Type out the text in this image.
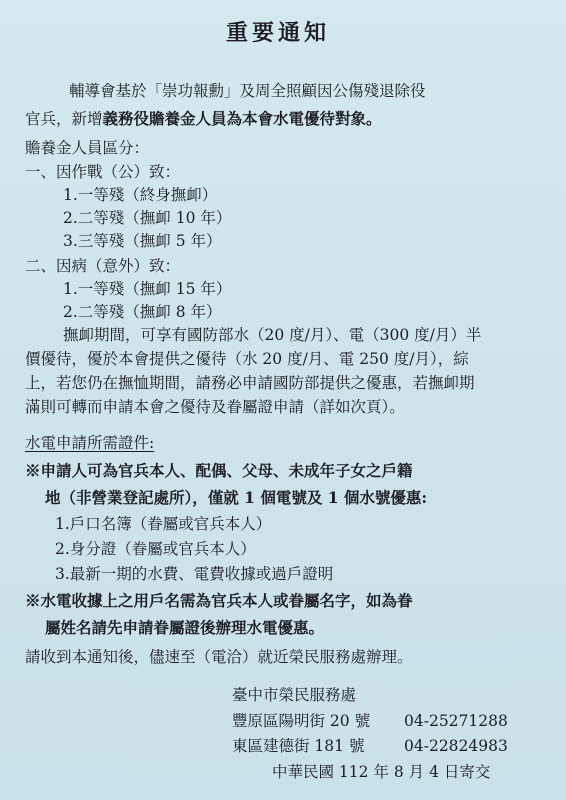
重要通知
輔導會基於「崇功報勳」及周全照顧因公傷殘退除役
官兵，新增義務役贍養金人員為本會水電優待對象。
贍養金人員區分：
一、因作戰（公）致：
1.一等殘（終身撫卹）
2.二等殘（撫卹 10 年）
3.三等殘（撫卹 5 年）
二、因病（意外）致：
1.一等殘（撫卹 15 年）
2.二等殘（撫卹 8 年）
撫卹期間，可享有國防部水（20 度/月）、電（300 度/月）半
價優待，優於本會提供之優待（水 20 度/月、電 250 度/月），綜
上，若您仍在撫恤期間，請務必申請國防部提供之優惠，若撫卹期
滿則可轉而申請本會之優待及眷屬證申請（詳如次頁）。
水電申請所需證件:
※申請人可為官兵本人、配偶、父母、未成年子女之戶籍
地（非營業登記處所），僅就 1 個電號及 1 個水號優惠:
1.戶口名簿（眷屬或官兵本人）
2.身分證（眷屬或官兵本人）
3.最新一期的水費、電費收據或過戶證明
※水電收據上之用戶名需為官兵本人或眷屬名字，如為眷
屬姓名請先申請眷屬證後辦理水電優惠。
請收到本通知後，儘速至（電洽）就近榮民服務處辦理。
臺中市榮民服務處
豐原區陽明街 20 號	04-25271288
東區建德街 181 號	04-22824983
中華民國 112 年 8 月 4 日寄交
